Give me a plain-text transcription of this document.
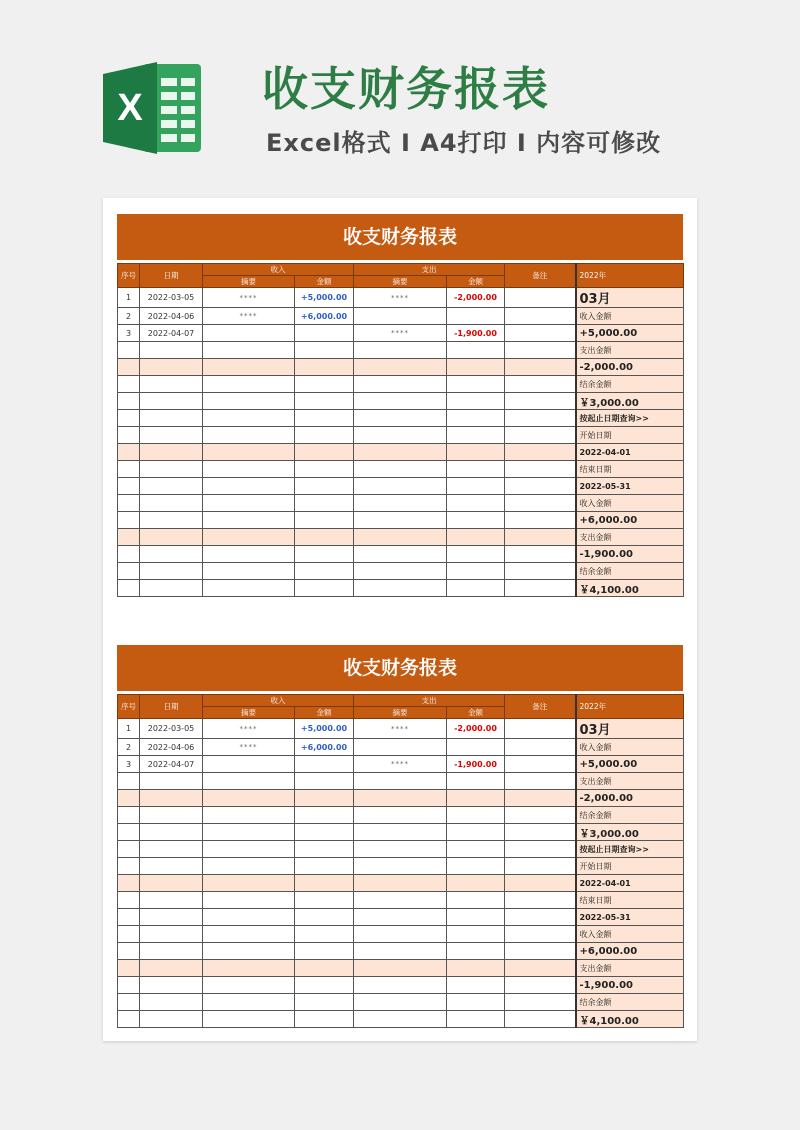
X	收支财务报表
Excel格式 I A4打印 I 内容可修改
收支财务报表
序号	日期	收入		支出		备注	2022年
		摘要	金额	摘要	金额		
1	2022-03-05	****	+5,000.00	****	-2,000.00		03月
2	2022-04-06	****	+6,000.00				收入金额
3	2022-04-07			****	-1,900.00		+5,000.00
							支出金额
							-2,000.00
							结余金额
							￥3,000.00
							按起止日期查询>>
							开始日期
							2022-04-01
							结束日期
							2022-05-31
							收入金额
							+6,000.00
							支出金额
							-1,900.00
							结余金额
							￥4,100.00
收支财务报表
序号	日期	收入		支出		备注	2022年
		摘要	金额	摘要	金额		
1	2022-03-05	****	+5,000.00	****	-2,000.00		03月
2	2022-04-06	****	+6,000.00				收入金额
3	2022-04-07			****	-1,900.00		+5,000.00
							支出金额
							-2,000.00
							结余金额
							￥3,000.00
							按起止日期查询>>
							开始日期
							2022-04-01
							结束日期
							2022-05-31
							收入金额
							+6,000.00
							支出金额
							-1,900.00
							结余金额
							￥4,100.00
